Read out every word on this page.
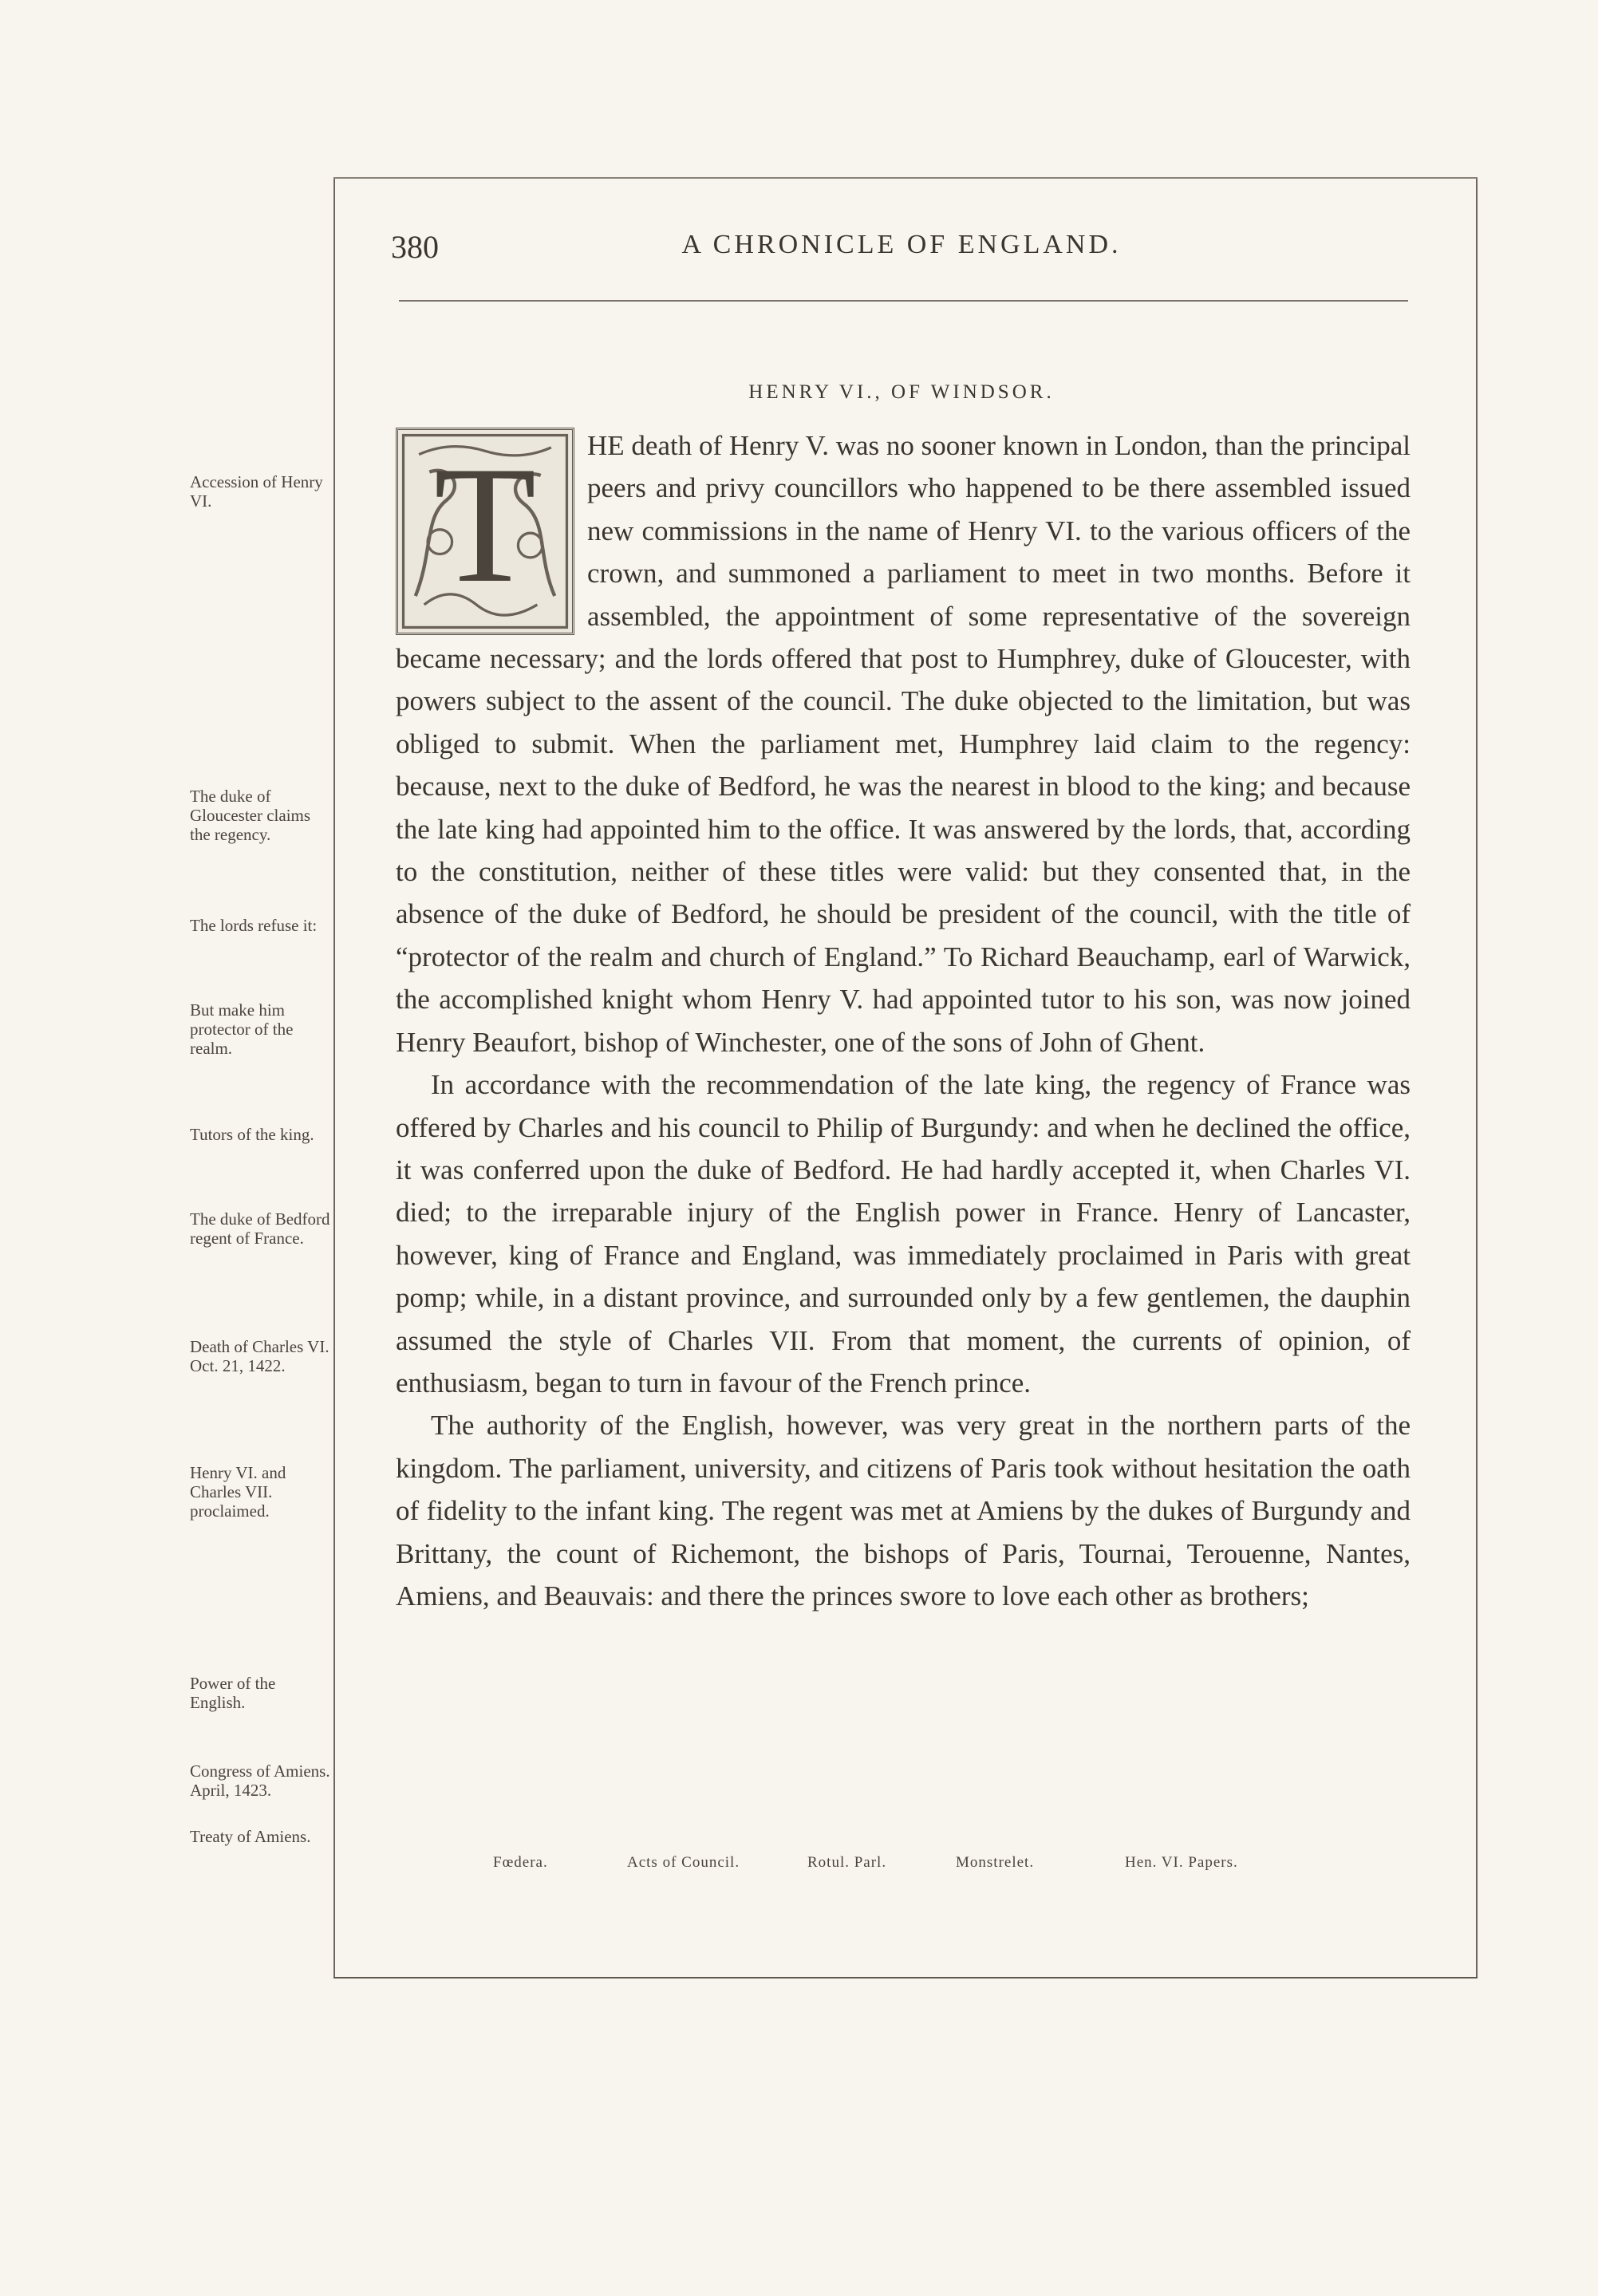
380	A CHRONICLE OF ENGLAND.
HENRY VI., OF WINDSOR.
Accession of Henry VI.
The duke of Gloucester claims the regency.
The lords refuse it:
But make him protector of the realm.
Tutors of the king.
The duke of Bedford regent of France.
Death of Charles VI. Oct. 21, 1422.
Henry VI. and Charles VII. proclaimed.
Power of the English.
Congress of Amiens. April, 1423.
Treaty of Amiens.

T	HE death of Henry V. was no sooner known in London, than the principal peers and privy councillors who happened to be there assembled issued new commissions in the name of Henry VI. to the various officers of the crown, and summoned a parliament to meet in two months. Before it assembled, the appointment of some representative of the sovereign became necessary; and the lords offered that post to Humphrey, duke of Gloucester, with powers subject to the assent of the council. The duke objected to the limitation, but was obliged to submit. When the parliament met, Humphrey laid claim to the regency: because, next to the duke of Bedford, he was the nearest in blood to the king; and because the late king had appointed him to the office. It was answered by the lords, that, according to the constitution, neither of these titles were valid: but they consented that, in the absence of the duke of Bedford, he should be president of the council, with the title of “protector of the realm and church of England.” To Richard Beauchamp, earl of Warwick, the accomplished knight whom Henry V. had appointed tutor to his son, was now joined Henry Beaufort, bishop of Winchester, one of the sons of John of Ghent.

In accordance with the recommendation of the late king, the regency of France was offered by Charles and his council to Philip of Burgundy: and when he declined the office, it was conferred upon the duke of Bedford. He had hardly accepted it, when Charles VI. died; to the irreparable injury of the English power in France. Henry of Lancaster, however, king of France and England, was immediately proclaimed in Paris with great pomp; while, in a distant province, and surrounded only by a few gentlemen, the dauphin assumed the style of Charles VII. From that moment, the currents of opinion, of enthusiasm, began to turn in favour of the French prince.

The authority of the English, however, was very great in the northern parts of the kingdom. The parliament, university, and citizens of Paris took without hesitation the oath of fidelity to the infant king. The regent was met at Amiens by the dukes of Burgundy and Brittany, the count of Richemont, the bishops of Paris, Tournai, Terouenne, Nantes, Amiens, and Beauvais: and there the princes swore to love each other as brothers;

Fœdera.	Acts of Council.	Rotul. Parl.	Monstrelet.	Hen. VI. Papers.
